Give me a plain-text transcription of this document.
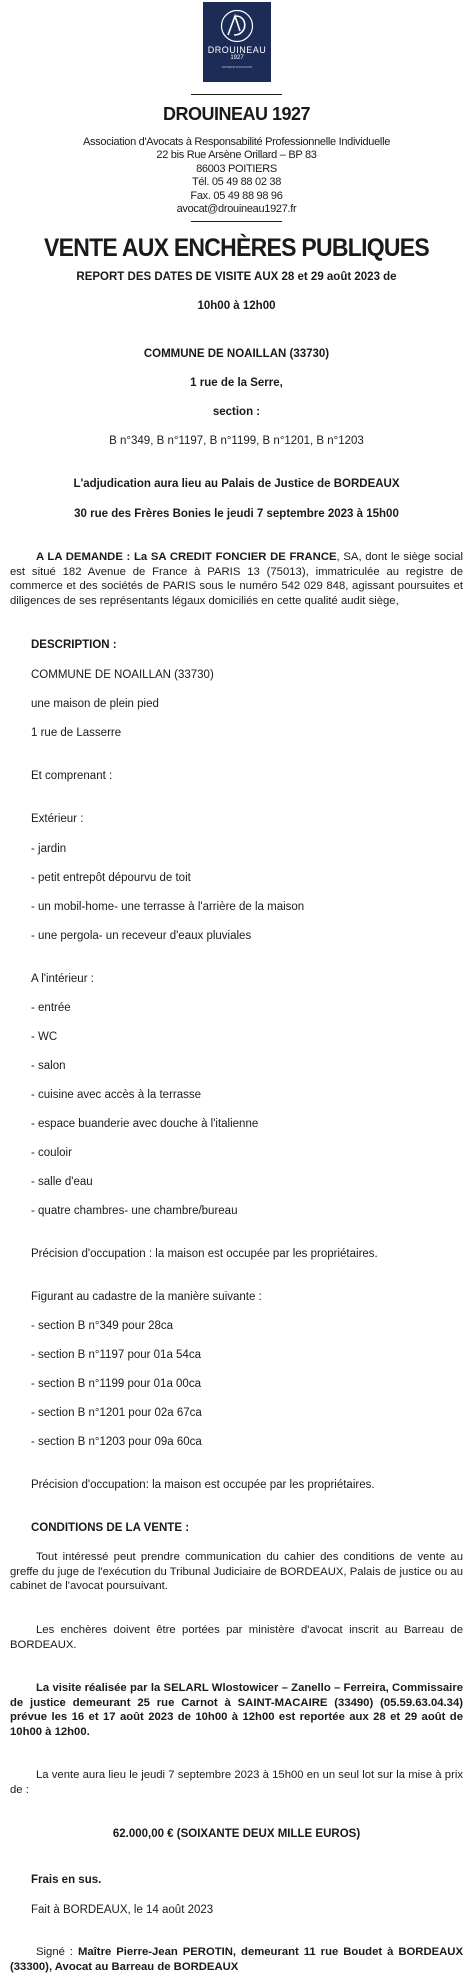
DROUINEAU
1927
SOCIETE D'AVOCATS
DROUINEAU 1927
Association d'Avocats à Responsabilité Professionnelle Individuelle
22 bis Rue Arsène Orillard – BP 83
86003 POITIERS
Tél. 05 49 88 02 38
Fax. 05 49 88 98 96
avocat@drouineau1927.fr
VENTE AUX ENCHÈRES PUBLIQUES
REPORT DES DATES DE VISITE AUX 28 et 29 août 2023 de
10h00 à 12h00
COMMUNE DE NOAILLAN (33730)
1 rue de la Serre,
section :
B n°349, B n°1197, B n°1199, B n°1201, B n°1203
L'adjudication aura lieu au Palais de Justice de BORDEAUX
30 rue des Frères Bonies le jeudi 7 septembre 2023 à 15h00
A LA DEMANDE : La SA CREDIT FONCIER DE FRANCE, SA, dont le siège social est situé 182 Avenue de France à PARIS 13 (75013), immatriculée au registre de commerce et des sociétés de PARIS sous le numéro 542 029 848, agissant poursuites et diligences de ses représentants légaux domiciliés en cette qualité audit siège,
DESCRIPTION :
COMMUNE DE NOAILLAN (33730)
une maison de plein pied
1 rue de Lasserre
Et comprenant :
Extérieur :
- jardin
- petit entrepôt dépourvu de toit
- un mobil-home- une terrasse à l'arrière de la maison
- une pergola- un receveur d'eaux pluviales
A l'intérieur :
- entrée
- WC
- salon
- cuisine avec accès à la terrasse
- espace buanderie avec douche à l'italienne
- couloir
- salle d'eau
- quatre chambres- une chambre/bureau
Précision d'occupation : la maison est occupée par les propriétaires.
Figurant au cadastre de la manière suivante :
- section B n°349 pour 28ca
- section B n°1197 pour 01a 54ca
- section B n°1199 pour 01a 00ca
- section B n°1201 pour 02a 67ca
- section B n°1203 pour 09a 60ca
Précision d'occupation: la maison est occupée par les propriétaires.
CONDITIONS DE LA VENTE :
Tout intéressé peut prendre communication du cahier des conditions de vente au greffe du juge de l'exécution du Tribunal Judiciaire de BORDEAUX, Palais de justice ou au cabinet de l'avocat poursuivant.
Les enchères doivent être portées par ministère d'avocat inscrit au Barreau de BORDEAUX.
La visite réalisée par la SELARL Wlostowicer – Zanello – Ferreira, Commissaire de justice demeurant 25 rue Carnot à SAINT-MACAIRE (33490) (05.59.63.04.34) prévue les 16 et 17 août 2023 de 10h00 à 12h00 est reportée aux 28 et 29 août de 10h00 à 12h00.
La vente aura lieu le jeudi 7 septembre 2023 à 15h00 en un seul lot sur la mise à prix de :
62.000,00 € (SOIXANTE DEUX MILLE EUROS)
Frais en sus.
Fait à BORDEAUX, le 14 août 2023
Signé : Maître Pierre-Jean PEROTIN, demeurant 11 rue Boudet à BORDEAUX (33300), Avocat au Barreau de BORDEAUX
